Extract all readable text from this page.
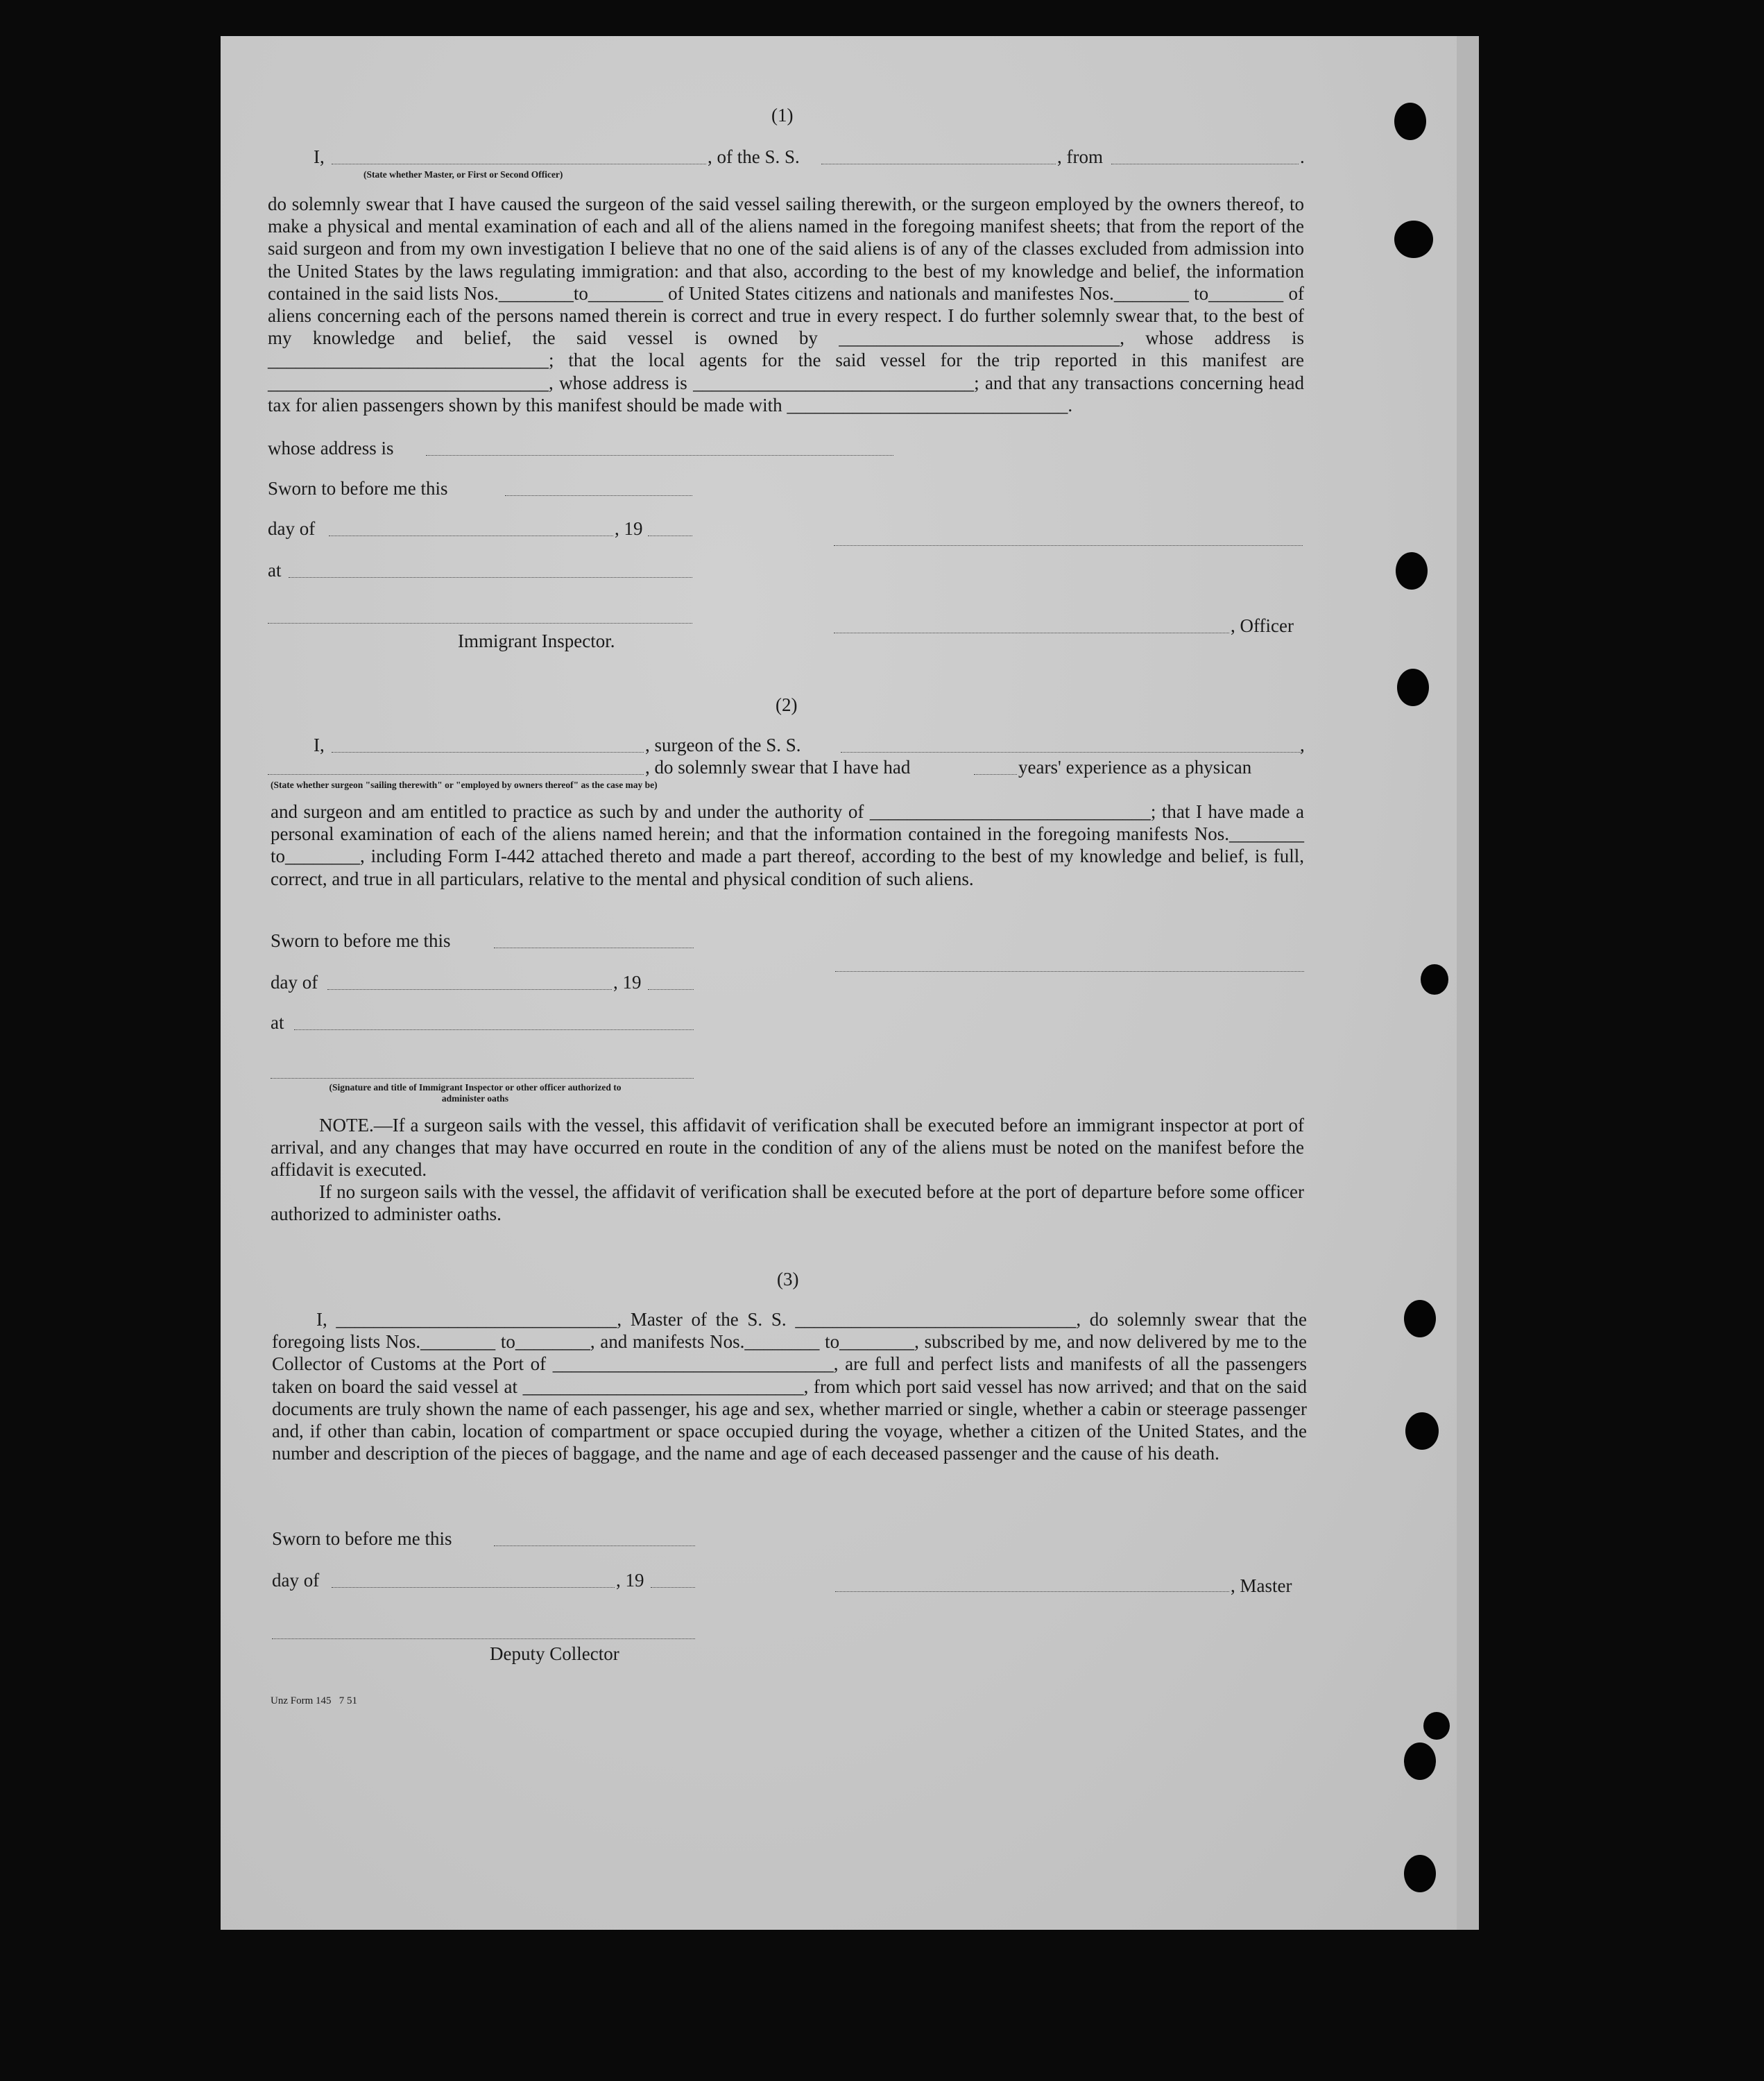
(1)
I,	, of the S. S.	, from	.
(State whether Master, or First or Second Officer)
do solemnly swear that I have caused the surgeon of the said vessel sailing therewith, or the surgeon employed by the owners thereof, to make a physical and mental examination of each and all of the aliens named in the foregoing manifest sheets; that from the report of the said surgeon and from my own investigation I believe that no one of the said aliens is of any of the classes excluded from admission into the United States by the laws regulating immigration: and that also, according to the best of my knowledge and belief, the information contained in the said lists Nos.________to________ of United States citizens and nationals and manifestes Nos.________ to________ of aliens concerning each of the persons named therein is correct and true in every respect. I do further solemnly swear that, to the best of my knowledge and belief, the said vessel is owned by ______________________________, whose address is ______________________________; that the local agents for the said vessel for the trip reported in this manifest are ______________________________, whose address is ______________________________; and that any transactions concerning head tax for alien passengers shown by this manifest should be made with ______________________________.
whose address is
Sworn to before me this
day of	, 19
at
, Officer
Immigrant Inspector.
(2)
I,	, surgeon of the S. S.	,
, do solemnly swear that I have had	years' experience as a physican
(State whether surgeon "sailing therewith" or "employed by owners thereof" as the case may be)
and surgeon and am entitled to practice as such by and under the authority of ______________________________; that I have made a personal examination of each of the aliens named herein; and that the information contained in the foregoing manifests Nos.________ to________, including Form I-442 attached thereto and made a part thereof, according to the best of my knowledge and belief, is full, correct, and true in all particulars, relative to the mental and physical condition of such aliens.
Sworn to before me this
day of	, 19
at
(Signature and title of Immigrant Inspector or other officer authorized to administer oaths
NOTE.—If a surgeon sails with the vessel, this affidavit of verification shall be executed before an immigrant inspector at port of arrival, and any changes that may have occurred en route in the condition of any of the aliens must be noted on the manifest before the affidavit is executed.
If no surgeon sails with the vessel, the affidavit of verification shall be executed before at the port of departure before some officer authorized to administer oaths.
(3)
I, ______________________________, Master of the S. S. ______________________________, do solemnly swear that the foregoing lists Nos.________ to________, and manifests Nos.________ to________, subscribed by me, and now delivered by me to the Collector of Customs at the Port of ______________________________, are full and perfect lists and manifests of all the passengers taken on board the said vessel at ______________________________, from which port said vessel has now arrived; and that on the said documents are truly shown the name of each passenger, his age and sex, whether married or single, whether a cabin or steerage passenger and, if other than cabin, location of compartment or space occupied during the voyage, whether a citizen of the United States, and the number and description of the pieces of baggage, and the name and age of each deceased passenger and the cause of his death.
Sworn to before me this
day of	, 19	, Master
Deputy Collector
Unz Form 145   7 51
